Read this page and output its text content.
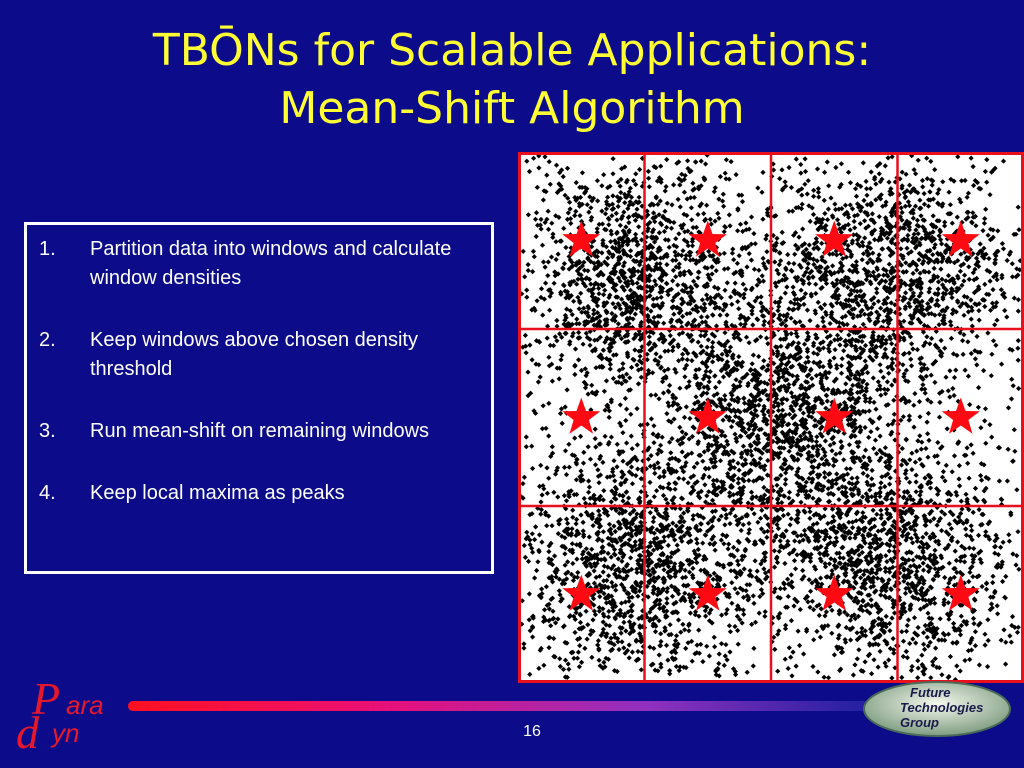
TBŌNs for Scalable Applications:
Mean-Shift Algorithm
1.	Partition data into windows and calculate window densities
2.	Keep windows above chosen density threshold
3.	Run mean-shift on remaining windows
4.	Keep local maxima as peaks
P ara
d yn
Future
Technologies
Group
16
